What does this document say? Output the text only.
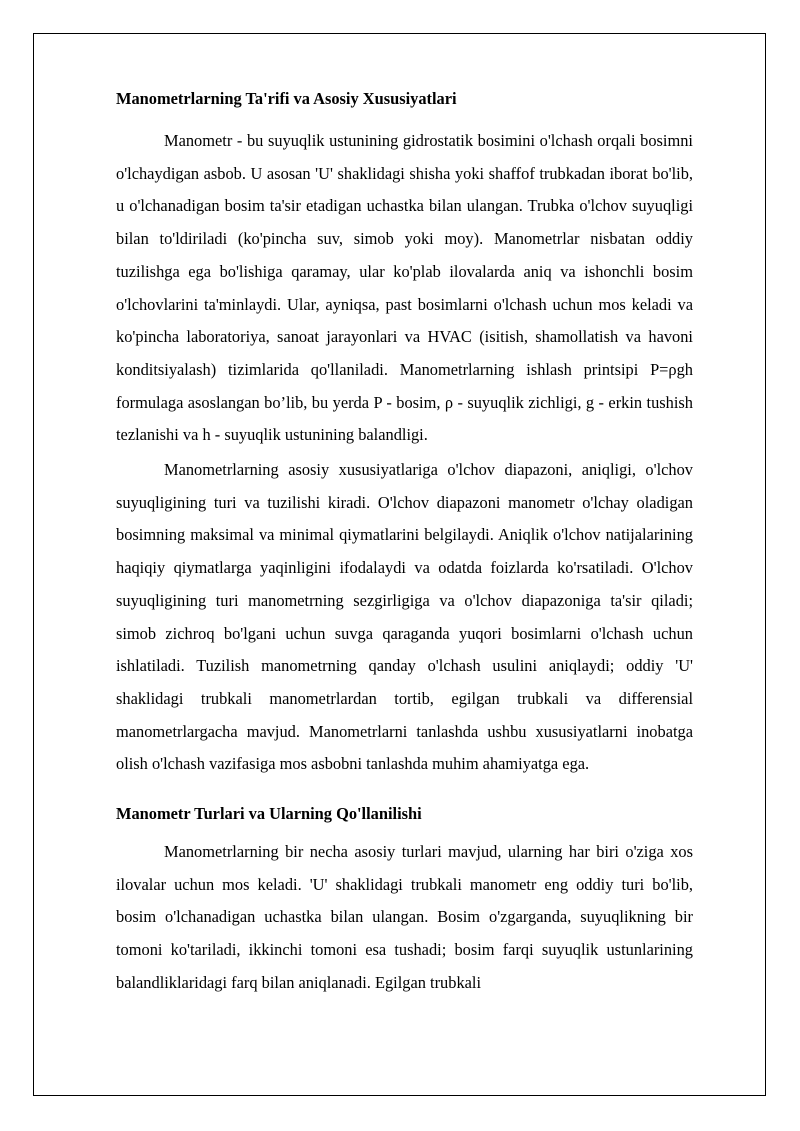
Manometrlarning Ta'rifi va Asosiy Xususiyatlari

Manometr - bu suyuqlik ustunining gidrostatik bosimini o'lchash orqali bosimni o'lchaydigan asbob. U asosan 'U' shaklidagi shisha yoki shaffof trubkadan iborat bo'lib, u o'lchanadigan bosim ta'sir etadigan uchastka bilan ulangan. Trubka o'lchov suyuqligi bilan to'ldiriladi (ko'pincha suv, simob yoki moy). Manometrlar nisbatan oddiy tuzilishga ega bo'lishiga qaramay, ular ko'plab ilovalarda aniq va ishonchli bosim o'lchovlarini ta'minlaydi. Ular, ayniqsa, past bosimlarni o'lchash uchun mos keladi va ko'pincha laboratoriya, sanoat jarayonlari va HVAC (isitish, shamollatish va havoni konditsiyalash) tizimlarida qo'llaniladi. Manometrlarning ishlash printsipi P=ρgh formulaga asoslangan bo’lib, bu yerda P - bosim, ρ - suyuqlik zichligi, g - erkin tushish tezlanishi va h - suyuqlik ustunining balandligi.

Manometrlarning asosiy xususiyatlariga o'lchov diapazoni, aniqligi, o'lchov suyuqligining turi va tuzilishi kiradi. O'lchov diapazoni manometr o'lchay oladigan bosimning maksimal va minimal qiymatlarini belgilaydi. Aniqlik o'lchov natijalarining haqiqiy qiymatlarga yaqinligini ifodalaydi va odatda foizlarda ko'rsatiladi. O'lchov suyuqligining turi manometrning sezgirligiga va o'lchov diapazoniga ta'sir qiladi; simob zichroq bo'lgani uchun suvga qaraganda yuqori bosimlarni o'lchash uchun ishlatiladi. Tuzilish manometrning qanday o'lchash usulini aniqlaydi; oddiy 'U' shaklidagi trubkali manometrlardan tortib, egilgan trubkali va differensial manometrlargacha mavjud. Manometrlarni tanlashda ushbu xususiyatlarni inobatga olish o'lchash vazifasiga mos asbobni tanlashda muhim ahamiyatga ega.

Manometr Turlari va Ularning Qo'llanilishi

Manometrlarning bir necha asosiy turlari mavjud, ularning har biri o'ziga xos ilovalar uchun mos keladi. 'U' shaklidagi trubkali manometr eng oddiy turi bo'lib, bosim o'lchanadigan uchastka bilan ulangan. Bosim o'zgarganda, suyuqlikning bir tomoni ko'tariladi, ikkinchi tomoni esa tushadi; bosim farqi suyuqlik ustunlarining balandliklaridagi farq bilan aniqlanadi. Egilgan trubkali
